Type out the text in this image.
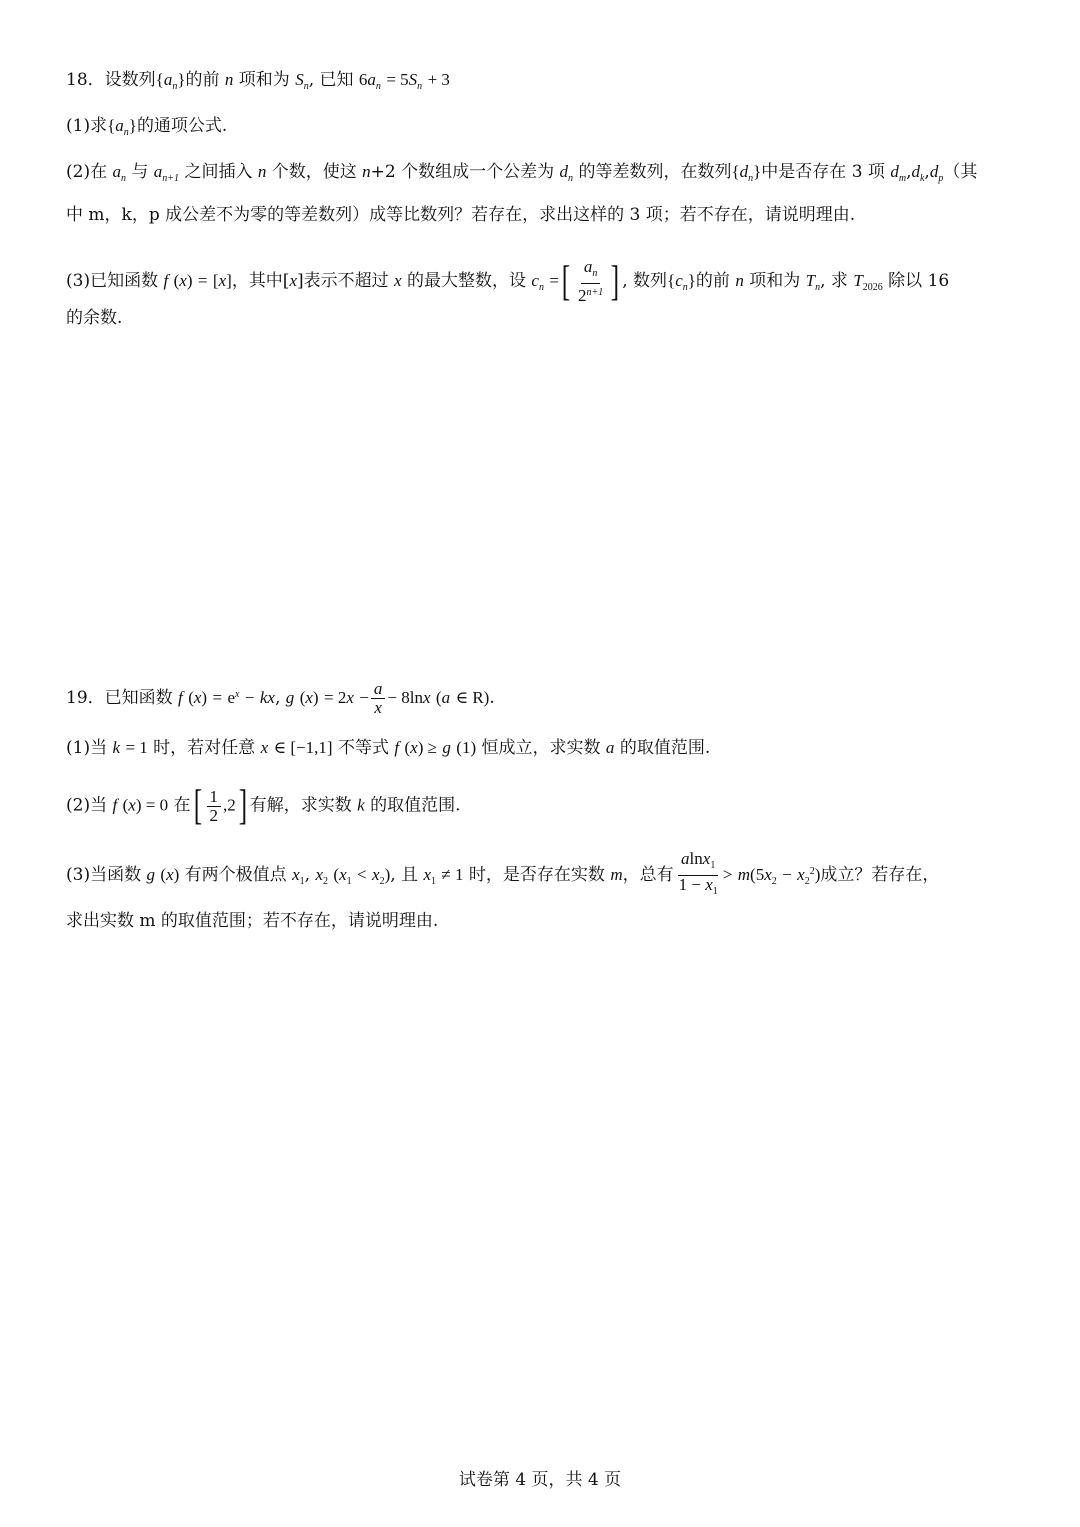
18．设数列$\{a_n\}$的前 n 项和为 $S_n$, 已知 $6a_n = 5S_n + 3$
(1)求$\{a_n\}$的通项公式.
(2)在 $a_n$ 与 $a_{n+1}$ 之间插入 n 个数，使这 n+2 个数组成一个公差为 $d_n$ 的等差数列，在数列$\{d_n\}$中是否存在 3 项 $d_m,d_k,d_p$（其
中 m，k，p 成公差不为零的等差数列）成等比数列？若存在，求出这样的 3 项；若不存在，请说明理由.
(3)已知函数 f (x) = [x]，其中[x]表示不超过 x 的最大整数，设 $c_n$ =[ $\frac{a_n}{2^{n+1}}$ ] , 数列$\{c_n\}$的前 n 项和为 $T_n$, 求 $T_{2026}$ 除以 16
的余数.
19．已知函数 f $(x) = e^x$ − kx, g $(x) = 2x - \frac{a}{x} - 8\ln x$ (a ∈ R).
(1)当 k = 1 时，若对任意 x ∈ [−1,1] 不等式 f (x) ≥ g (1) 恒成立，求实数 a 的取值范围.
(2)当 f (x) = 0 在[ $\frac{1}{2} ,2$] 有解，求实数 k 的取值范围.
(3)当函数 g (x) 有两个极值点 $x_1$, $x_2$ $(x_1 < x_2)$, 且 $x_1 \ne 1$ 时，是否存在实数 m，总有 $\frac{alnx_1}{1 - x_1} > m(5x_2 - x_2^2)$成立？若存在，
求出实数 m 的取值范围；若不存在，请说明理由.
试卷第 4 页，共 4 页
